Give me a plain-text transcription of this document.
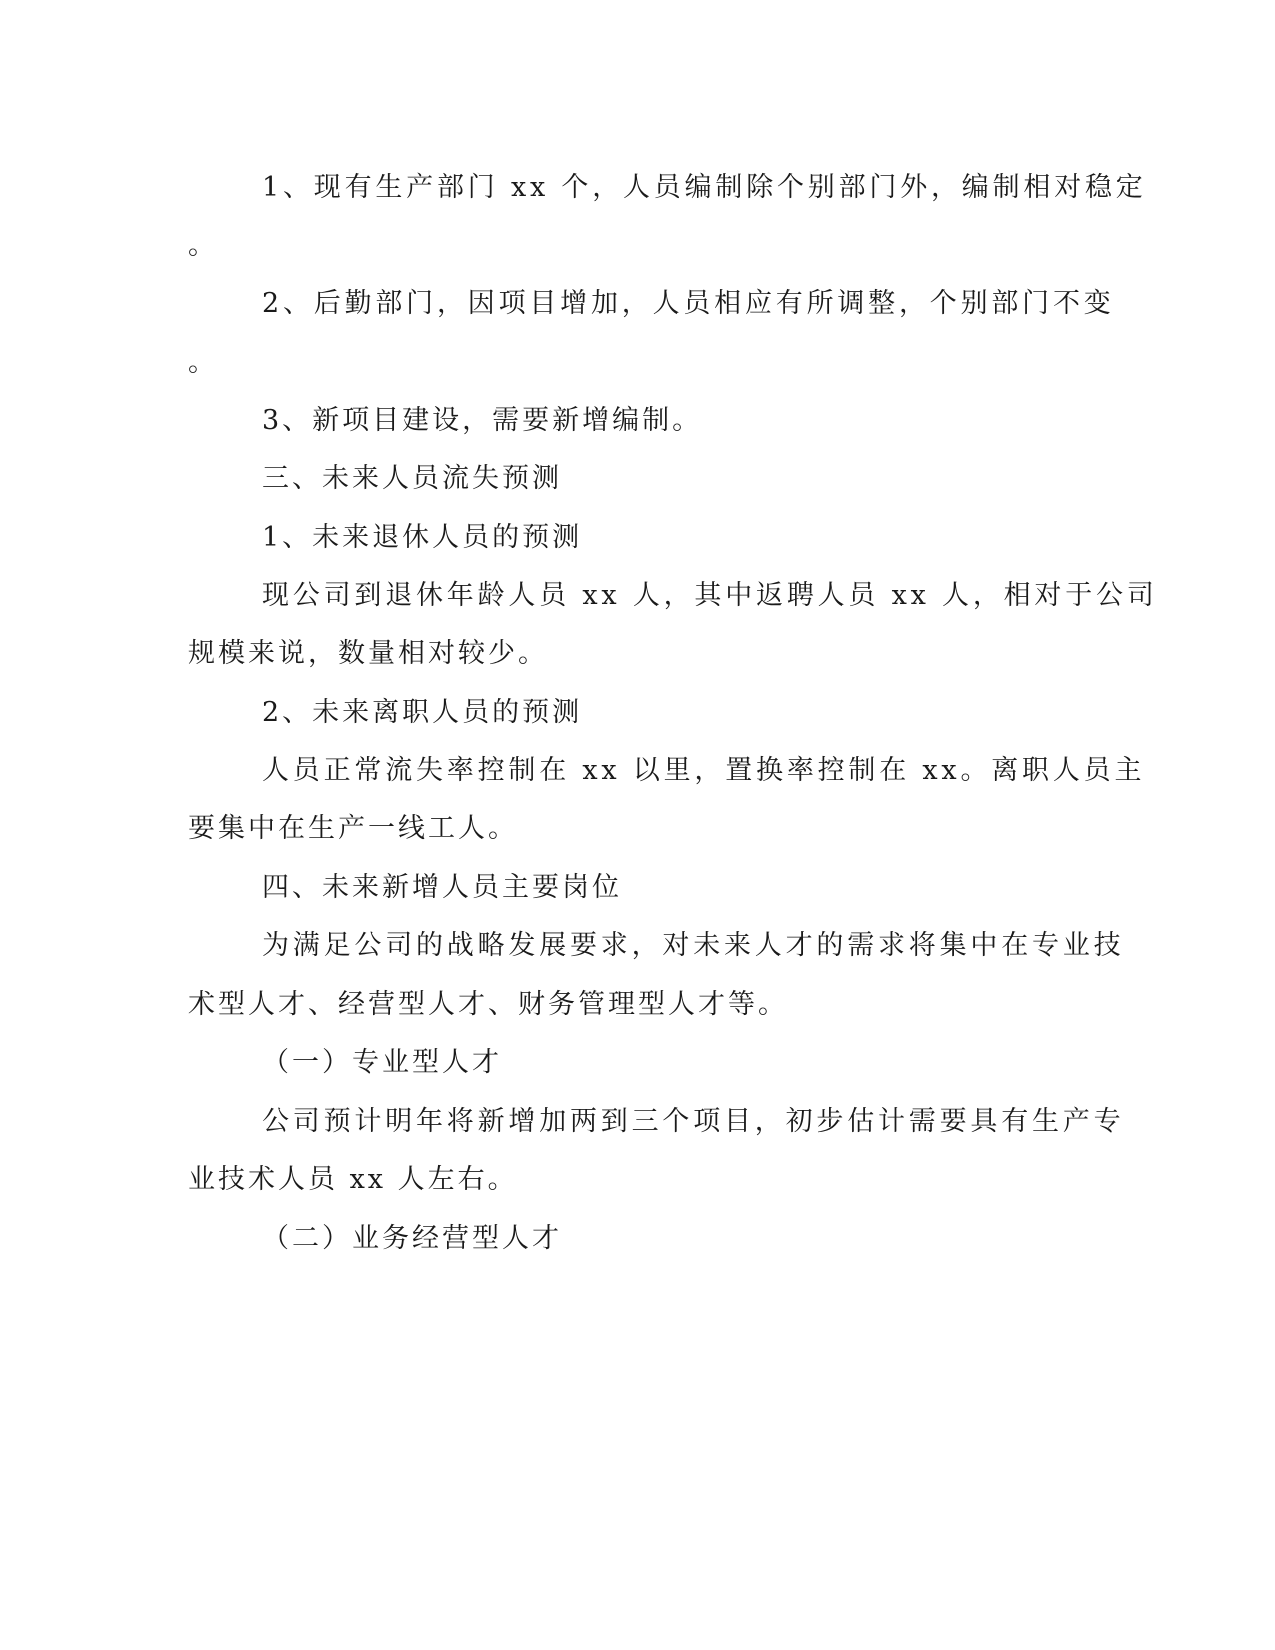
1、现有生产部门 xx 个，人员编制除个别部门外，编制相对稳定
。
2、后勤部门，因项目增加，人员相应有所调整，个别部门不变
。
3、新项目建设，需要新增编制。
三、未来人员流失预测
1、未来退休人员的预测
现公司到退休年龄人员 xx 人，其中返聘人员 xx 人，相对于公司
规模来说，数量相对较少。
2、未来离职人员的预测
人员正常流失率控制在 xx 以里，置换率控制在 xx。离职人员主
要集中在生产一线工人。
四、未来新增人员主要岗位
为满足公司的战略发展要求，对未来人才的需求将集中在专业技
术型人才、经营型人才、财务管理型人才等。
（一）专业型人才
公司预计明年将新增加两到三个项目，初步估计需要具有生产专
业技术人员 xx 人左右。
（二）业务经营型人才
